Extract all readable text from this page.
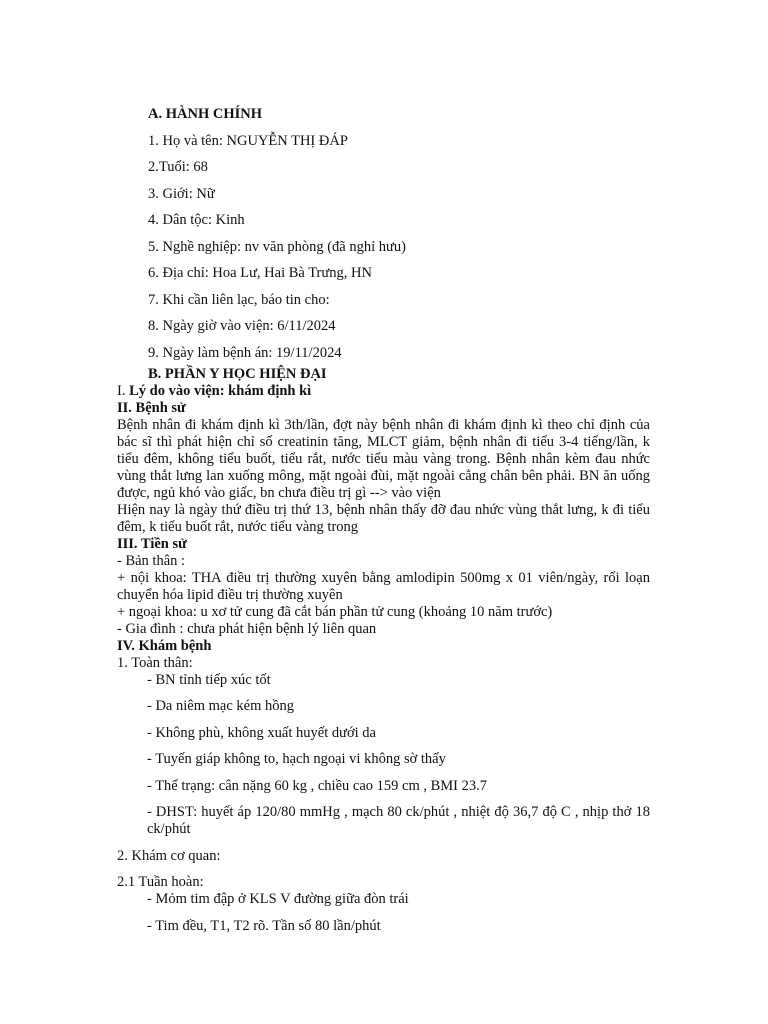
A. HÀNH CHÍNH

1. Họ và tên: NGUYỄN THỊ ĐÁP

2.Tuổi: 68

3. Giới: Nữ

4. Dân tộc: Kinh

5. Nghề nghiệp: nv văn phòng (đã nghỉ hưu)

6. Địa chỉ: Hoa Lư, Hai Bà Trưng, HN

7. Khi cần liên lạc, báo tin cho:

8. Ngày giờ vào viện: 6/11/2024

9. Ngày làm bệnh án: 19/11/2024

B. PHẦN Y HỌC HIỆN ĐẠI

I. Lý do vào viện: khám định kì

II. Bệnh sử

Bệnh nhân đi khám định kì 3th/lần, đợt này bệnh nhân đi khám định kì theo chỉ định của bác sĩ thì phát hiện chỉ số creatinin tăng, MLCT giảm, bệnh nhân đi tiểu 3-4 tiếng/lần, k tiểu đêm, không tiểu buốt, tiểu rắt, nước tiểu màu vàng trong. Bệnh nhân kèm đau nhức vùng thắt lưng lan xuống mông, mặt ngoài đùi, mặt ngoài cẳng chân bên phải. BN ăn uống được, ngủ khó vào giấc, bn chưa điều trị gì --> vào viện

Hiện nay là ngày thứ điều trị thứ 13, bệnh nhân thấy đỡ đau nhức vùng thắt lưng, k đi tiểu đêm, k tiểu buốt rắt, nước tiểu vàng trong

III. Tiền sử

- Bản thân :

+ nội khoa: THA điều trị thường xuyên bằng amlodipin 500mg x 01 viên/ngày, rối loạn chuyển hóa lipid điều trị thường xuyên

+ ngoại khoa: u xơ tử cung đã cắt bán phần tử cung (khoảng 10 năm trước)

- Gia đình : chưa phát hiện bệnh lý liên quan

IV. Khám bệnh

1. Toàn thân:

- BN tỉnh tiếp xúc tốt

- Da niêm mạc kém hồng

- Không phù, không xuất huyết dưới da

- Tuyến giáp không to, hạch ngoại vi không sờ thấy

- Thể trạng: cân nặng 60 kg , chiều cao 159 cm , BMI 23.7

- DHST: huyết áp 120/80 mmHg , mạch 80 ck/phút , nhiệt độ 36,7 độ C , nhịp thở 18 ck/phút

2. Khám cơ quan:

2.1 Tuần hoàn:

- Mỏm tim đập ở KLS V đường giữa đòn trái

- Tim đều, T1, T2 rõ. Tần số 80 lần/phút
